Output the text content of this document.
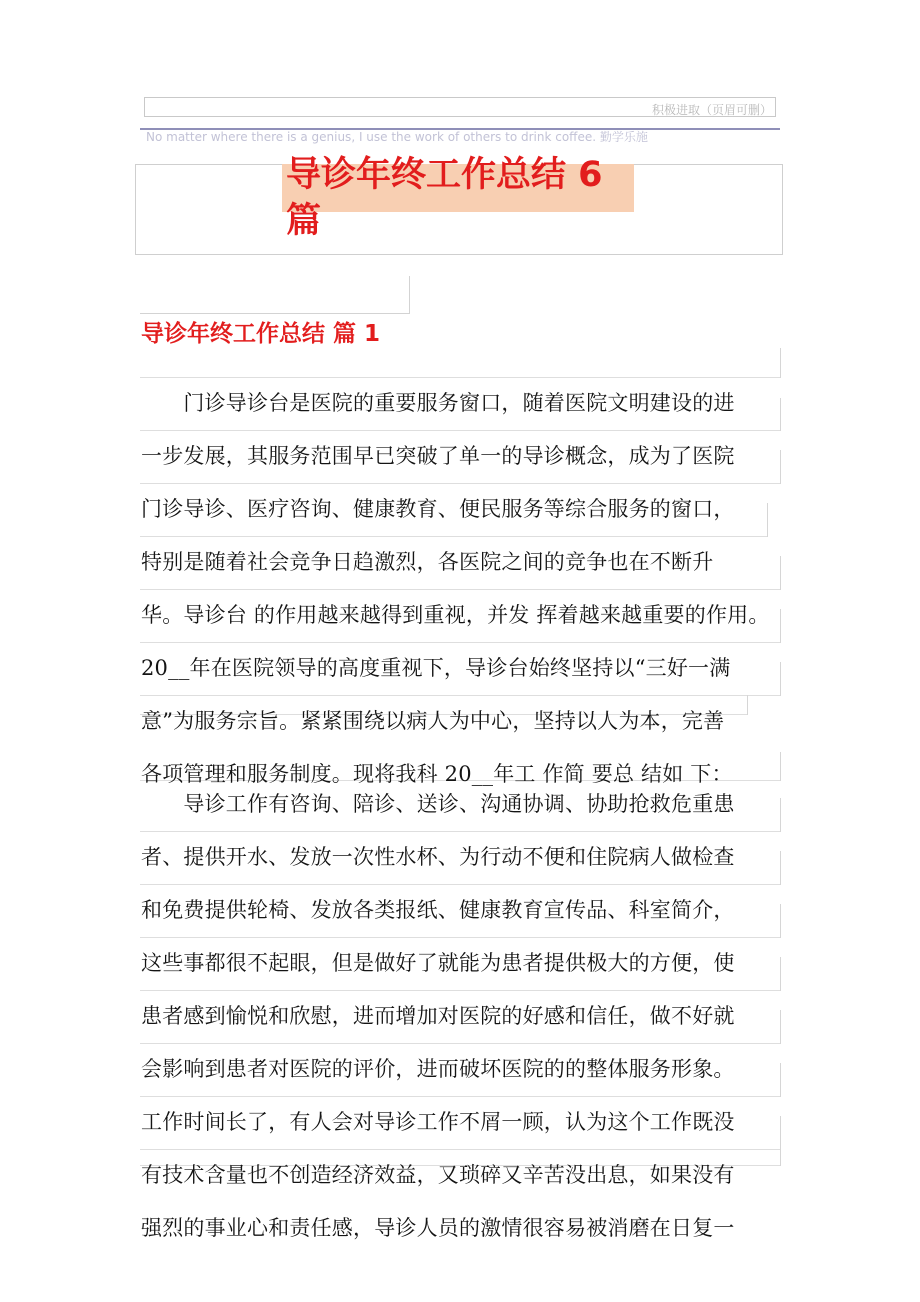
积极进取（页眉可删）
No matter where there is a genius, I use the work of others to drink coffee. 勤学乐施
导诊年终工作总结 6
篇
导诊年终工作总结 篇 1
　　门诊导诊台是医院的重要服务窗口，随着医院文明建设的进
一步发展，其服务范围早已突破了单一的导诊概念，成为了医院
门诊导诊、医疗咨询、健康教育、便民服务等综合服务的窗口，
特别是随着社会竞争日趋激烈，各医院之间的竞争也在不断升
华。导诊台 的作用越来越得到重视，并发 挥着越来越重要的作用。
20__年在医院领导的高度重视下，导诊台始终坚持以“三好一满
意”为服务宗旨。紧紧围绕以病人为中心，坚持以人为本，完善
各项管理和服务制度。现将我科 20__年工 作简 要总 结如 下：
　　导诊工作有咨询、陪诊、送诊、沟通协调、协助抢救危重患
者、提供开水、发放一次性水杯、为行动不便和住院病人做检查
和免费提供轮椅、发放各类报纸、健康教育宣传品、科室简介，
这些事都很不起眼，但是做好了就能为患者提供极大的方便，使
患者感到愉悦和欣慰，进而增加对医院的好感和信任，做不好就
会影响到患者对医院的评价，进而破坏医院的的整体服务形象。
工作时间长了，有人会对导诊工作不屑一顾，认为这个工作既没
有技术含量也不创造经济效益，又琐碎又辛苦没出息，如果没有
强烈的事业心和责任感，导诊人员的激情很容易被消磨在日复一
